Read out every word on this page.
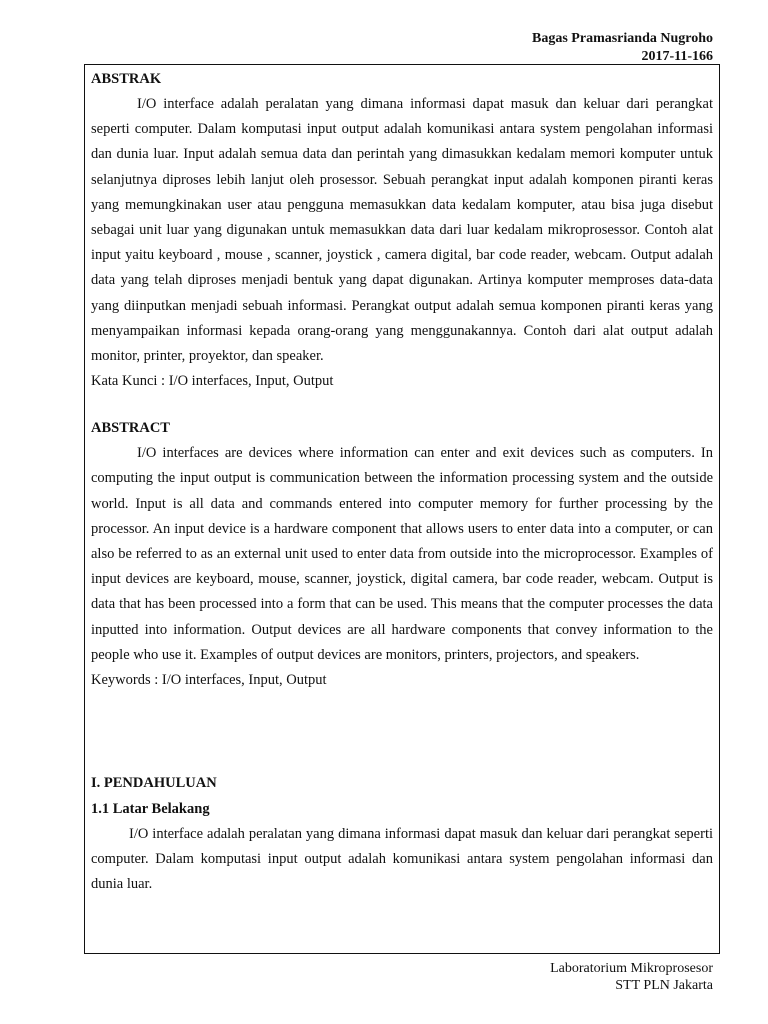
Bagas Pramasrianda Nugroho
2017-11-166

ABSTRAK

I/O interface adalah peralatan yang dimana informasi dapat masuk dan keluar dari perangkat seperti computer. Dalam komputasi input output adalah komunikasi antara system pengolahan informasi dan dunia luar. Input adalah semua data dan perintah yang dimasukkan kedalam memori komputer untuk selanjutnya diproses lebih lanjut oleh prosessor. Sebuah perangkat input adalah komponen piranti keras yang memungkinakan user atau pengguna memasukkan data kedalam komputer, atau bisa juga disebut sebagai unit luar yang digunakan untuk memasukkan data dari luar kedalam mikroprosessor. Contoh alat input yaitu keyboard , mouse , scanner, joystick , camera digital, bar code reader, webcam. Output adalah data yang telah diproses menjadi bentuk yang dapat digunakan. Artinya komputer memproses data-data yang diinputkan menjadi sebuah informasi. Perangkat output adalah semua komponen piranti keras yang menyampaikan informasi kepada orang-orang yang menggunakannya. Contoh dari alat output adalah monitor, printer, proyektor, dan speaker.

Kata Kunci : I/O interfaces, Input, Output

ABSTRACT

I/O interfaces are devices where information can enter and exit devices such as computers. In computing the input output is communication between the information processing system and the outside world. Input is all data and commands entered into computer memory for further processing by the processor. An input device is a hardware component that allows users to enter data into a computer, or can also be referred to as an external unit used to enter data from outside into the microprocessor. Examples of input devices are keyboard, mouse, scanner, joystick, digital camera, bar code reader, webcam. Output is data that has been processed into a form that can be used. This means that the computer processes the data inputted into information. Output devices are all hardware components that convey information to the people who use it. Examples of output devices are monitors, printers, projectors, and speakers.

Keywords : I/O interfaces, Input, Output

I. PENDAHULUAN

1.1 Latar Belakang

I/O interface adalah peralatan yang dimana informasi dapat masuk dan keluar dari perangkat seperti computer. Dalam komputasi input output adalah komunikasi antara system pengolahan informasi dan dunia luar.

Laboratorium Mikroprosesor
STT PLN Jakarta
